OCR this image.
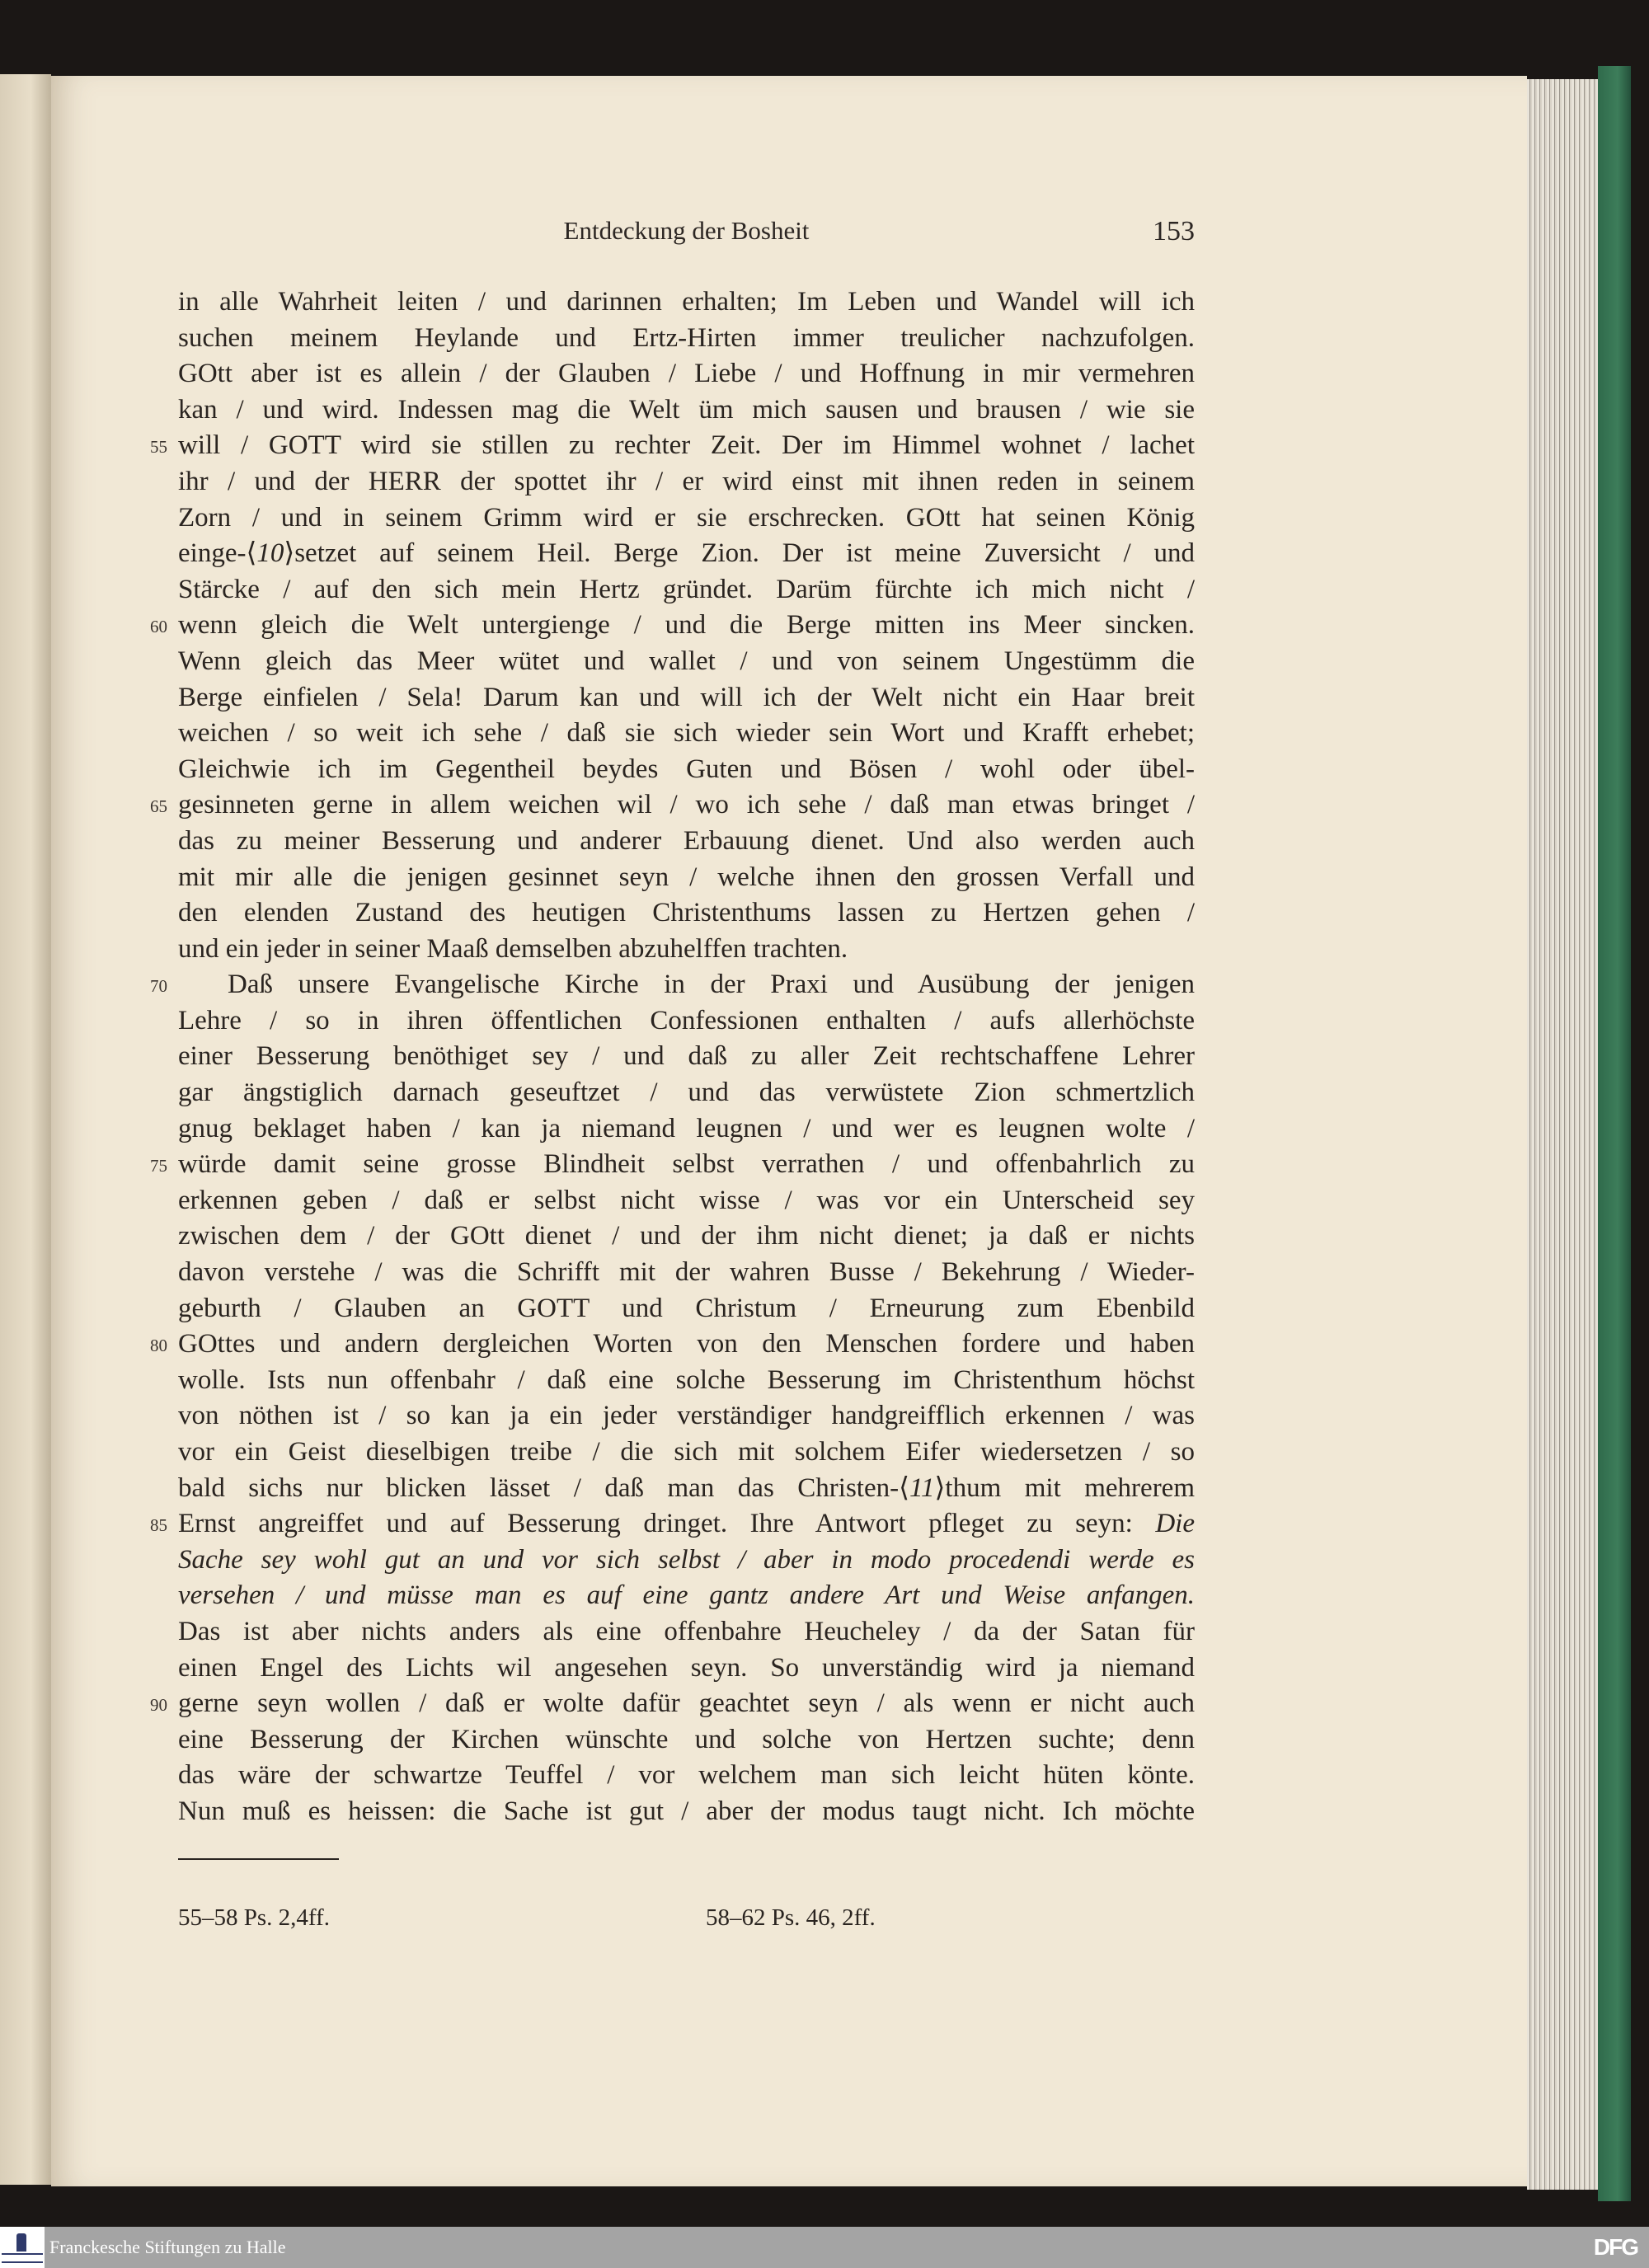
Entdeckung der Bosheit	153
in alle Wahrheit leiten / und darinnen erhalten; Im Leben und Wandel will ich
suchen meinem Heylande und Ertz-Hirten immer treulicher nachzufolgen.
GOtt aber ist es allein / der Glauben / Liebe / und Hoffnung in mir vermehren
kan / und wird. Indessen mag die Welt üm mich sausen und brausen / wie sie
55 will / GOTT wird sie stillen zu rechter Zeit. Der im Himmel wohnet / lachet
ihr / und der HERR der spottet ihr / er wird einst mit ihnen reden in seinem
Zorn / und in seinem Grimm wird er sie erschrecken. GOtt hat seinen König
einge-⟨10⟩setzet auf seinem Heil. Berge Zion. Der ist meine Zuversicht / und
Stärcke / auf den sich mein Hertz gründet. Darüm fürchte ich mich nicht /
60 wenn gleich die Welt untergienge / und die Berge mitten ins Meer sincken.
Wenn gleich das Meer wütet und wallet / und von seinem Ungestümm die
Berge einfielen / Sela! Darum kan und will ich der Welt nicht ein Haar breit
weichen / so weit ich sehe / daß sie sich wieder sein Wort und Krafft erhebet;
Gleichwie ich im Gegentheil beydes Guten und Bösen / wohl oder übel-
65 gesinneten gerne in allem weichen wil / wo ich sehe / daß man etwas bringet /
das zu meiner Besserung und anderer Erbauung dienet. Und also werden auch
mit mir alle die jenigen gesinnet seyn / welche ihnen den grossen Verfall und
den elenden Zustand des heutigen Christenthums lassen zu Hertzen gehen /
und ein jeder in seiner Maaß demselben abzuhelffen trachten.
70 Daß unsere Evangelische Kirche in der Praxi und Ausübung der jenigen
Lehre / so in ihren öffentlichen Confessionen enthalten / aufs allerhöchste
einer Besserung benöthiget sey / und daß zu aller Zeit rechtschaffene Lehrer
gar ängstiglich darnach geseuftzet / und das verwüstete Zion schmertzlich
gnug beklaget haben / kan ja niemand leugnen / und wer es leugnen wolte /
75 würde damit seine grosse Blindheit selbst verrathen / und offenbahrlich zu
erkennen geben / daß er selbst nicht wisse / was vor ein Unterscheid sey
zwischen dem / der GOtt dienet / und der ihm nicht dienet; ja daß er nichts
davon verstehe / was die Schrifft mit der wahren Busse / Bekehrung / Wieder-
geburth / Glauben an GOTT und Christum / Erneurung zum Ebenbild
80 GOttes und andern dergleichen Worten von den Menschen fordere und haben
wolle. Ists nun offenbahr / daß eine solche Besserung im Christenthum höchst
von nöthen ist / so kan ja ein jeder verständiger handgreifflich erkennen / was
vor ein Geist dieselbigen treibe / die sich mit solchem Eifer wiedersetzen / so
bald sichs nur blicken lässet / daß man das Christen-⟨11⟩thum mit mehrerem
85 Ernst angreiffet und auf Besserung dringet. Ihre Antwort pfleget zu seyn: Die
Sache sey wohl gut an und vor sich selbst / aber in modo procedendi werde es
versehen / und müsse man es auf eine gantz andere Art und Weise anfangen.
Das ist aber nichts anders als eine offenbahre Heucheley / da der Satan für
einen Engel des Lichts wil angesehen seyn. So unverständig wird ja niemand
90 gerne seyn wollen / daß er wolte dafür geachtet seyn / als wenn er nicht auch
eine Besserung der Kirchen wünschte und solche von Hertzen suchte; denn
das wäre der schwartze Teuffel / vor welchem man sich leicht hüten könte.
Nun muß es heissen: die Sache ist gut / aber der modus taugt nicht. Ich möchte
55–58 Ps. 2,4ff.	58–62 Ps. 46, 2ff.
Franckesche Stiftungen zu Halle	DFG
